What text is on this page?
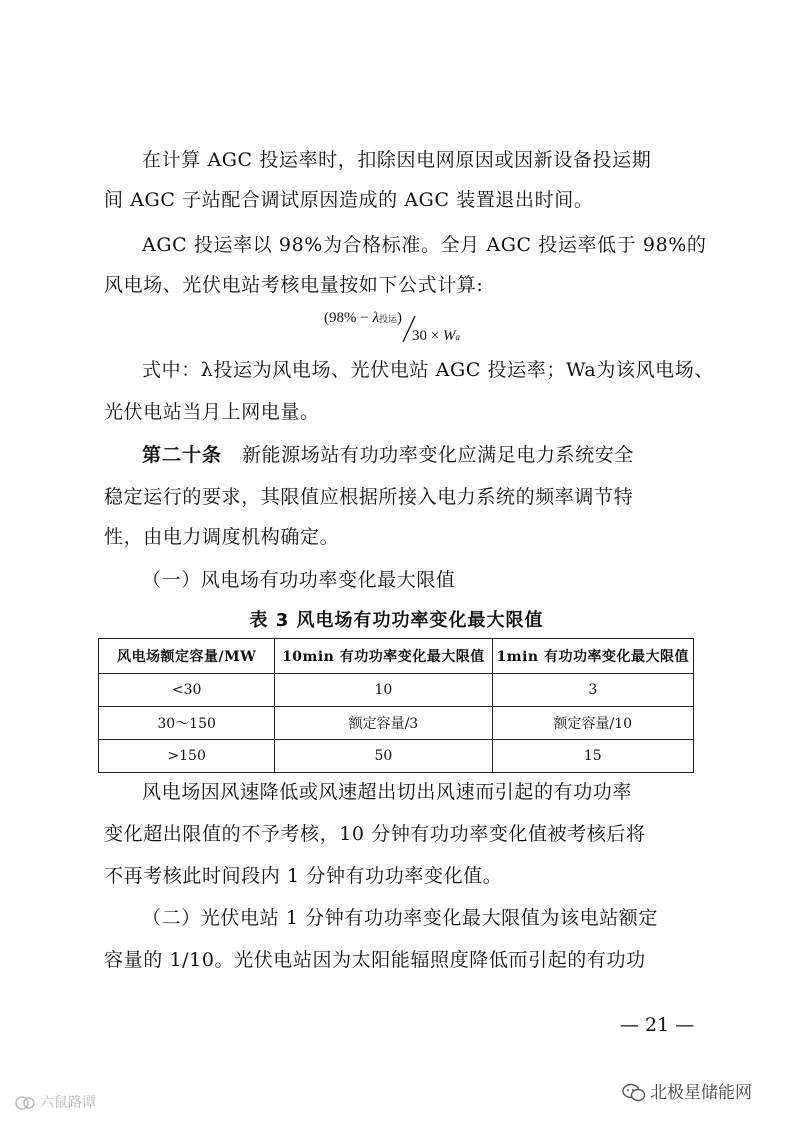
在计算 AGC 投运率时，扣除因电网原因或因新设备投运期
间 AGC 子站配合调试原因造成的 AGC 装置退出时间。
AGC 投运率以 98%为合格标准。全月 AGC 投运率低于 98%的
风电场、光伏电站考核电量按如下公式计算:
(98% − λ投运)
30 × Wa
式中：λ投运为风电场、光伏电站 AGC 投运率；Wa为该风电场、
光伏电站当月上网电量。
第二十条 新能源场站有功功率变化应满足电力系统安全
稳定运行的要求，其限值应根据所接入电力系统的频率调节特
性，由电力调度机构确定。
（一）风电场有功功率变化最大限值
表 3 风电场有功功率变化最大限值
风电场额定容量/MW	10min 有功功率变化最大限值	1min 有功功率变化最大限值
<30	10	3
30～150	额定容量/3	额定容量/10
>150	50	15
风电场因风速降低或风速超出切出风速而引起的有功功率
变化超出限值的不予考核，10 分钟有功功率变化值被考核后将
不再考核此时间段内 1 分钟有功功率变化值。
（二）光伏电站 1 分钟有功功率变化最大限值为该电站额定
容量的 1/10。光伏电站因为太阳能辐照度降低而引起的有功功
— 21 —
六鼠路谭	北极星储能网
